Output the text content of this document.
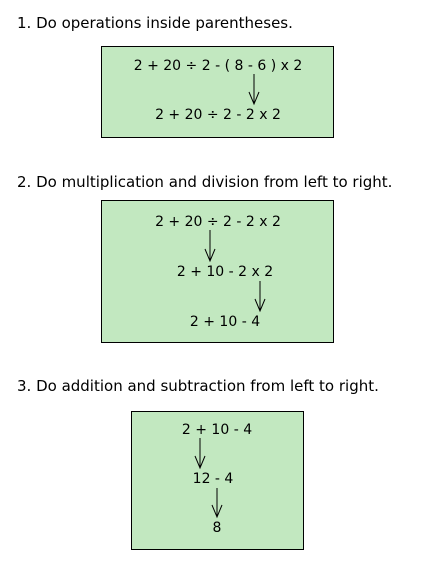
1. Do operations inside parentheses.
2 + 20 ÷ 2 - ( 8 - 6 ) x 2
2 + 20 ÷ 2 - 2 x 2
2. Do multiplication and division from left to right.
2 + 20 ÷ 2 - 2 x 2
2 + 10 - 2 x 2
2 + 10 - 4
3. Do addition and subtraction from left to right.
2 + 10 - 4
12 - 4
8
